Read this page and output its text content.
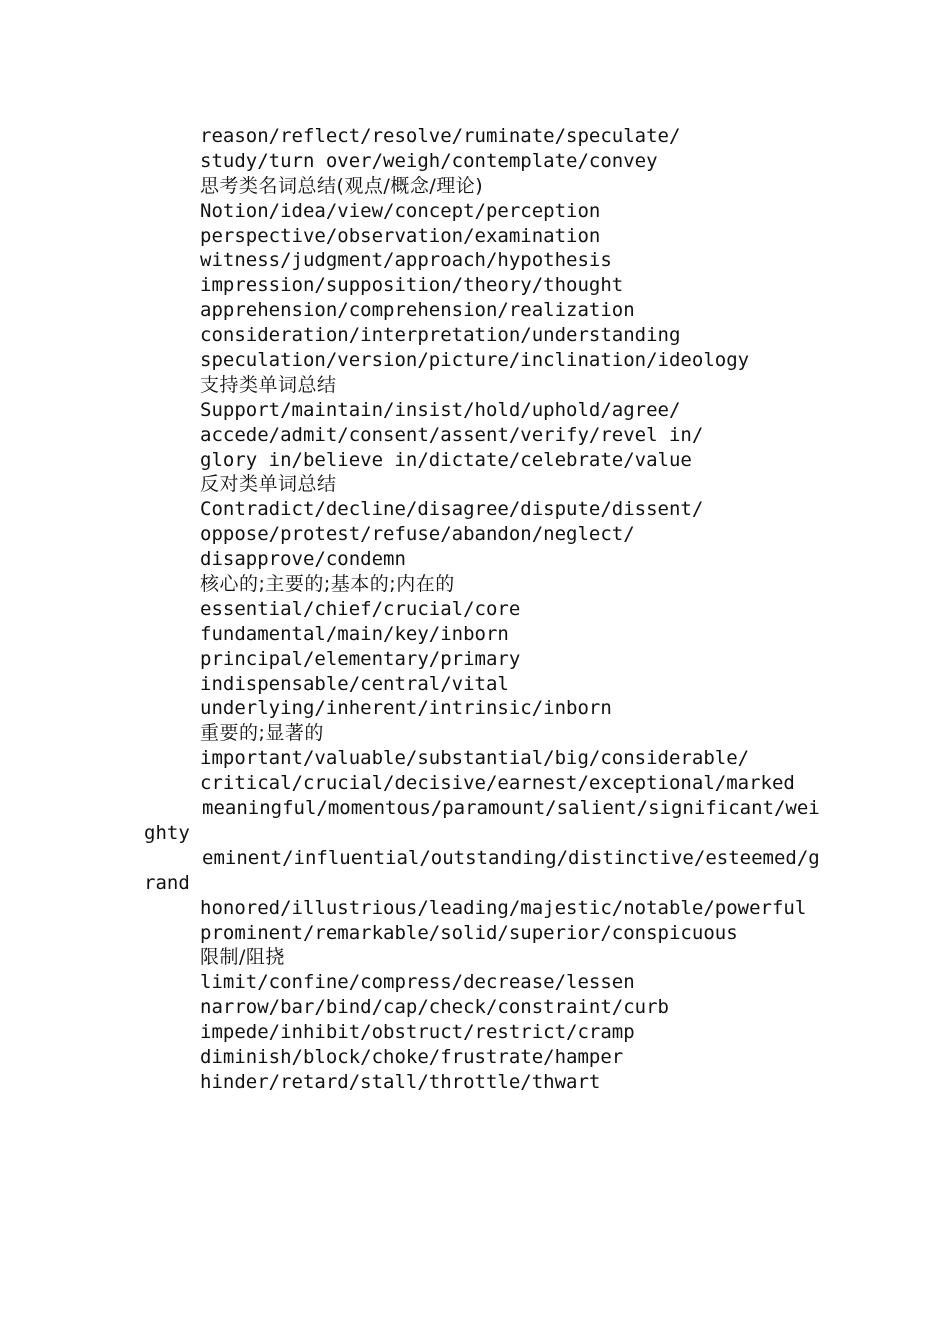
reason/reflect/resolve/ruminate/speculate/
study/turn over/weigh/contemplate/convey
思考类名词总结(观点/概念/理论)
Notion/idea/view/concept/perception
perspective/observation/examination
witness/judgment/approach/hypothesis
impression/supposition/theory/thought
apprehension/comprehension/realization
consideration/interpretation/understanding
speculation/version/picture/inclination/ideology
支持类单词总结
Support/maintain/insist/hold/uphold/agree/
accede/admit/consent/assent/verify/revel in/
glory in/believe in/dictate/celebrate/value
反对类单词总结
Contradict/decline/disagree/dispute/dissent/
oppose/protest/refuse/abandon/neglect/
disapprove/condemn
核心的;主要的;基本的;内在的
essential/chief/crucial/core
fundamental/main/key/inborn
principal/elementary/primary
indispensable/central/vital
underlying/inherent/intrinsic/inborn
重要的;显著的
important/valuable/substantial/big/considerable/
critical/crucial/decisive/earnest/exceptional/marked
meaningful/momentous/paramount/salient/significant/wei
ghty
eminent/influential/outstanding/distinctive/esteemed/g
rand
honored/illustrious/leading/majestic/notable/powerful
prominent/remarkable/solid/superior/conspicuous
限制/阻挠
limit/confine/compress/decrease/lessen
narrow/bar/bind/cap/check/constraint/curb
impede/inhibit/obstruct/restrict/cramp
diminish/block/choke/frustrate/hamper
hinder/retard/stall/throttle/thwart
